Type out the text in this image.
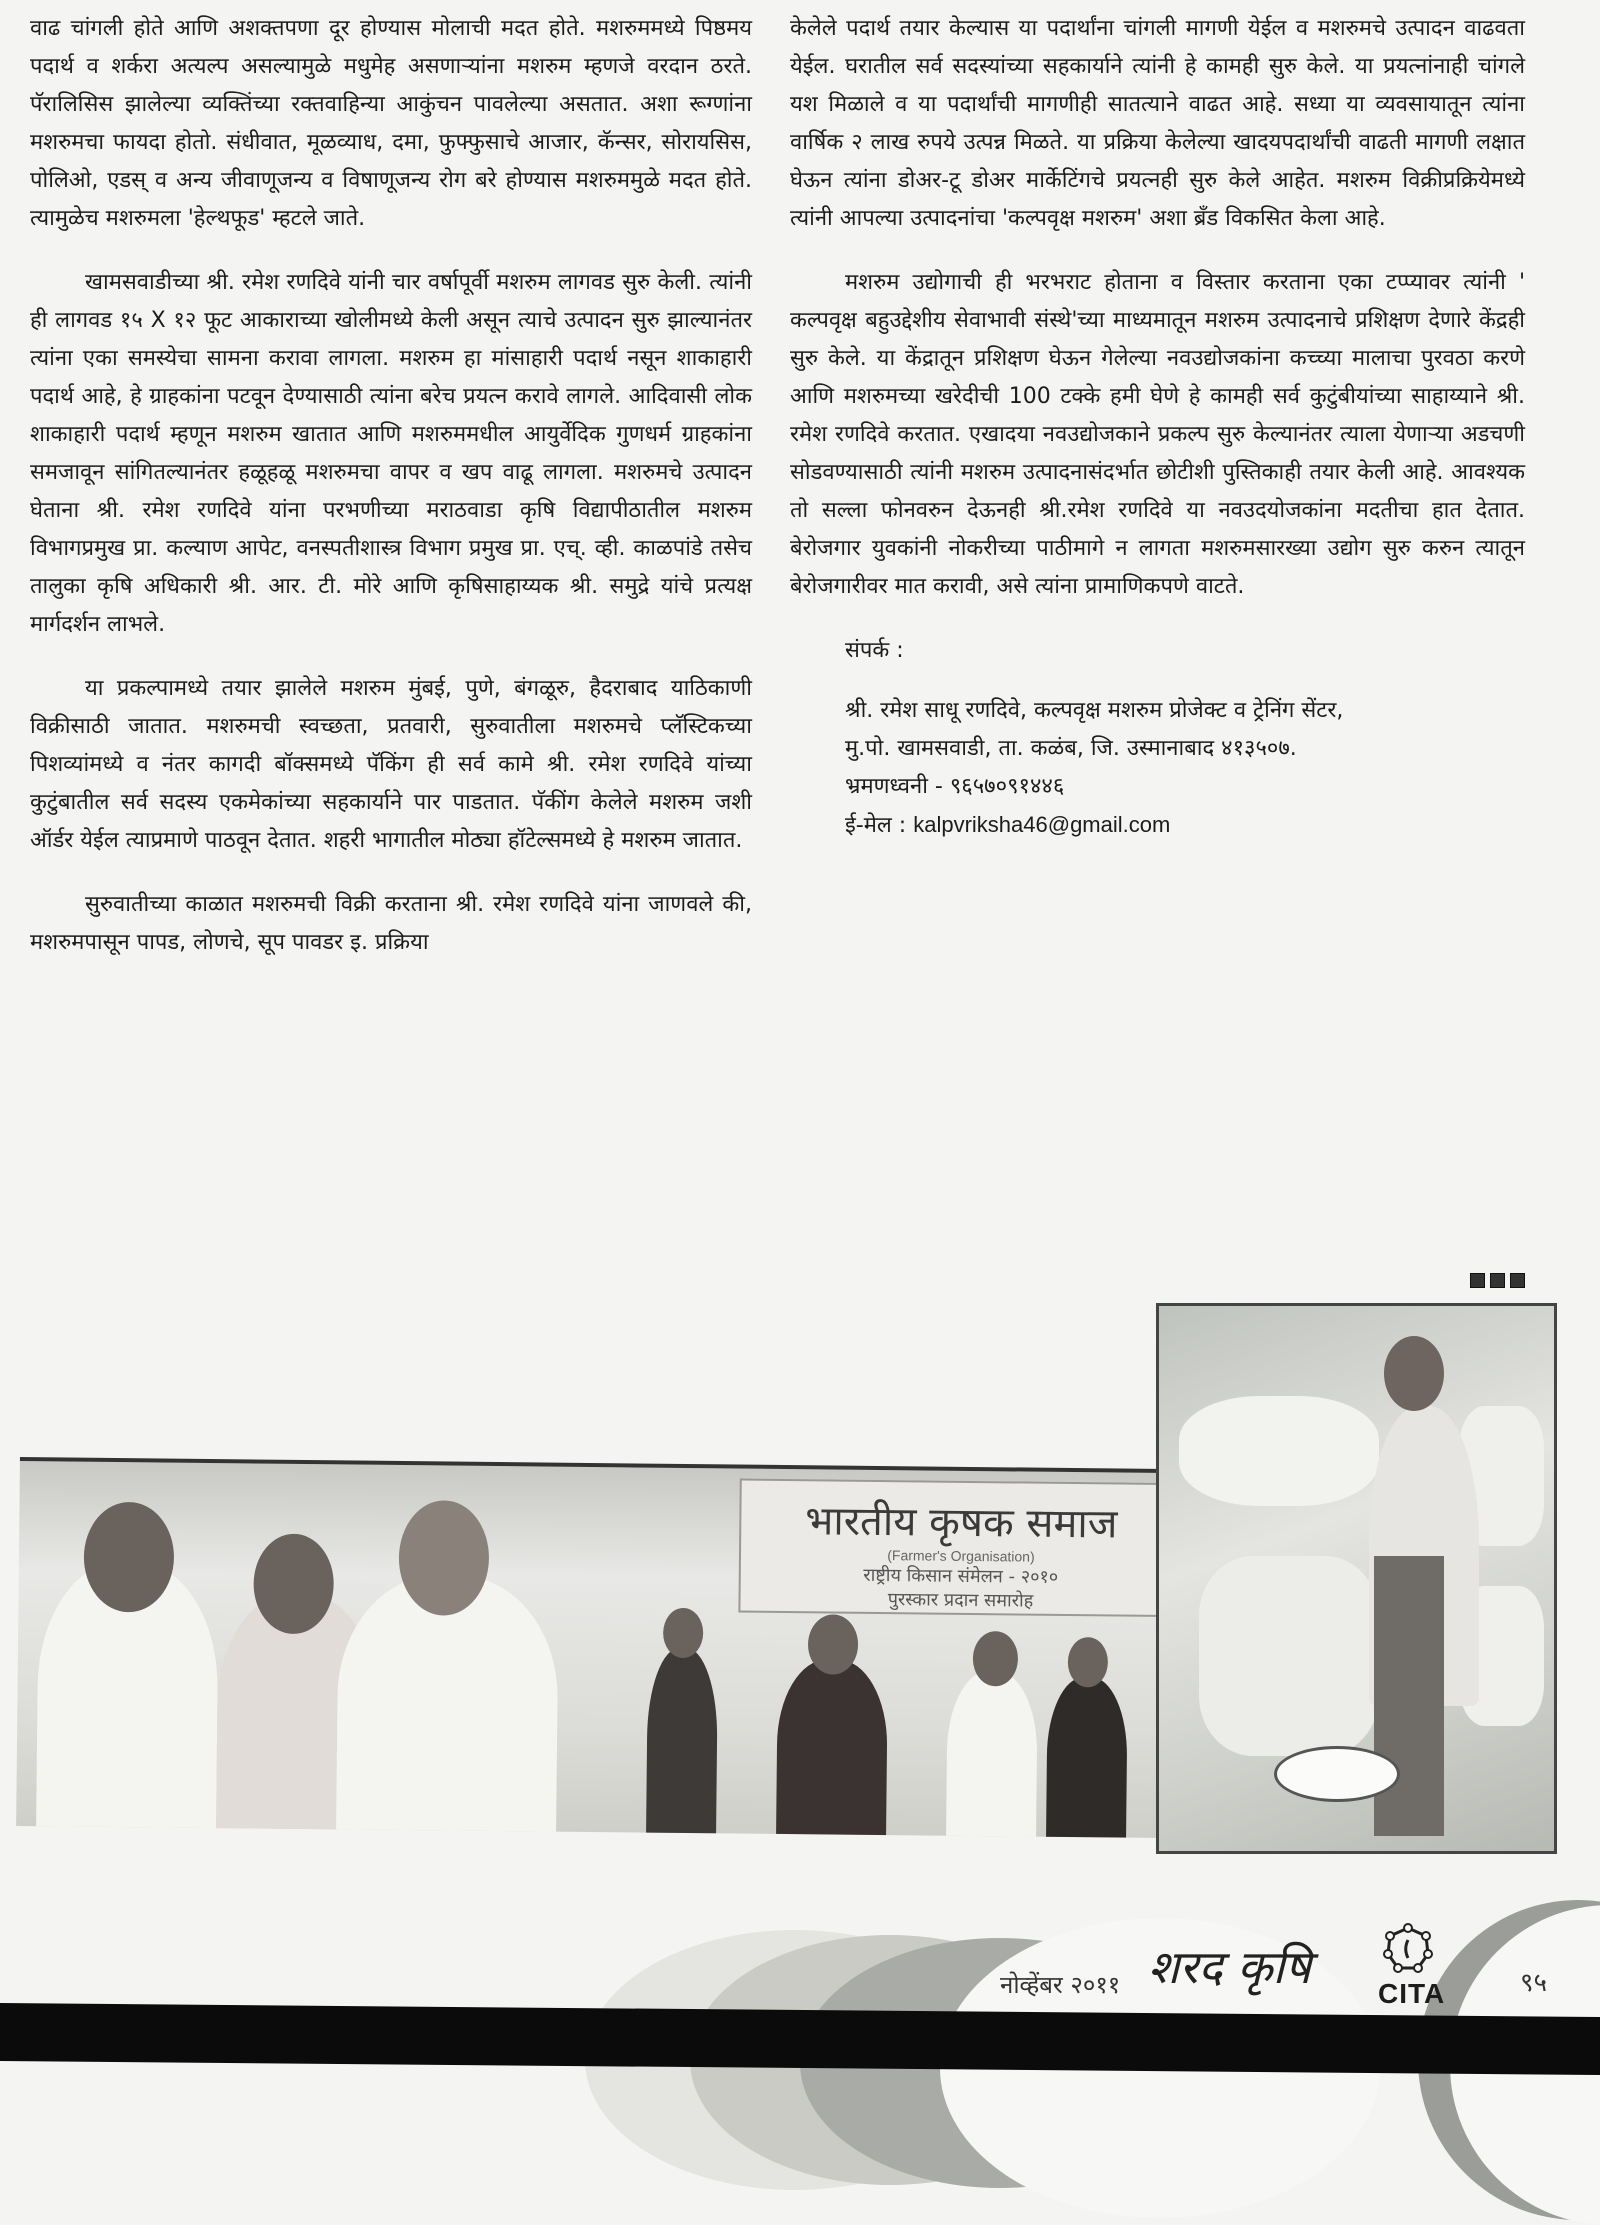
वाढ चांगली होते आणि अशक्तपणा दूर होण्यास मोलाची मदत होते. मशरुममध्ये पिष्ठमय पदार्थ व शर्करा अत्यल्प असल्यामुळे मधुमेह असणाऱ्यांना मशरुम म्हणजे वरदान ठरते. पॅरालिसिस झालेल्या व्यक्तिंच्या रक्तवाहिन्या आकुंचन पावलेल्या असतात. अशा रूग्णांना मशरुमचा फायदा होतो. संधीवात, मूळव्याध, दमा, फुफ्फुसाचे आजार, कॅन्सर, सोरायसिस, पोलिओ, एडस् व अन्य जीवाणूजन्य व विषाणूजन्य रोग बरे होण्यास मशरुममुळे मदत होते. त्यामुळेच मशरुमला 'हेल्थफूड' म्हटले जाते.

खामसवाडीच्या श्री. रमेश रणदिवे यांनी चार वर्षापूर्वी मशरुम लागवड सुरु केली. त्यांनी ही लागवड १५ X १२ फूट आकाराच्या खोलीमध्ये केली असून त्याचे उत्पादन सुरु झाल्यानंतर त्यांना एका समस्येचा सामना करावा लागला. मशरुम हा मांसाहारी पदार्थ नसून शाकाहारी पदार्थ आहे, हे ग्राहकांना पटवून देण्यासाठी त्यांना बरेच प्रयत्न करावे लागले. आदिवासी लोक शाकाहारी पदार्थ म्हणून मशरुम खातात आणि मशरुममधील आयुर्वेदिक गुणधर्म ग्राहकांना समजावून सांगितल्यानंतर हळूहळू मशरुमचा वापर व खप वाढू लागला. मशरुमचे उत्पादन घेताना श्री. रमेश रणदिवे यांना परभणीच्या मराठवाडा कृषि विद्यापीठातील मशरुम विभागप्रमुख प्रा. कल्याण आपेट, वनस्पतीशास्त्र विभाग प्रमुख प्रा. एच्. व्ही. काळपांडे तसेच तालुका कृषि अधिकारी श्री. आर. टी. मोरे आणि कृषिसाहाय्यक श्री. समुद्रे यांचे प्रत्यक्ष मार्गदर्शन लाभले.

या प्रकल्पामध्ये तयार झालेले मशरुम मुंबई, पुणे, बंगळूरु, हैदराबाद याठिकाणी विक्रीसाठी जातात. मशरुमची स्वच्छता, प्रतवारी, सुरुवातीला मशरुमचे प्लॅस्टिकच्या पिशव्यांमध्ये व नंतर कागदी बॉक्समध्ये पॅकिंग ही सर्व कामे श्री. रमेश रणदिवे यांच्या कुटुंबातील सर्व सदस्य एकमेकांच्या सहकार्याने पार पाडतात. पॅकींग केलेले मशरुम जशी ऑर्डर येईल त्याप्रमाणे पाठवून देतात. शहरी भागातील मोठ्या हॉटेल्समध्ये हे मशरुम जातात.

सुरुवातीच्या काळात मशरुमची विक्री करताना श्री. रमेश रणदिवे यांना जाणवले की, मशरुमपासून पापड, लोणचे, सूप पावडर इ. प्रक्रिया

केलेले पदार्थ तयार केल्यास या पदार्थांना चांगली मागणी येईल व मशरुमचे उत्पादन वाढवता येईल. घरातील सर्व सदस्यांच्या सहकार्याने त्यांनी हे कामही सुरु केले. या प्रयत्नांनाही चांगले यश मिळाले व या पदार्थांची मागणीही सातत्याने वाढत आहे. सध्या या व्यवसायातून त्यांना वार्षिक २ लाख रुपये उत्पन्न मिळते. या प्रक्रिया केलेल्या खादयपदार्थांची वाढती मागणी लक्षात घेऊन त्यांना डोअर-टू डोअर मार्केटिंगचे प्रयत्नही सुरु केले आहेत. मशरुम विक्रीप्रक्रियेमध्ये त्यांनी आपल्या उत्पादनांचा 'कल्पवृक्ष मशरुम' अशा ब्रँड विकसित केला आहे.

मशरुम उद्योगाची ही भरभराट होताना व विस्तार करताना एका टप्प्यावर त्यांनी ' कल्पवृक्ष बहुउद्देशीय सेवाभावी संस्थे'च्या माध्यमातून मशरुम उत्पादनाचे प्रशिक्षण देणारे केंद्रही सुरु केले. या केंद्रातून प्रशिक्षण घेऊन गेलेल्या नवउद्योजकांना कच्च्या मालाचा पुरवठा करणे आणि मशरुमच्या खरेदीची 100 टक्के हमी घेणे हे कामही सर्व कुटुंबीयांच्या साहाय्याने श्री. रमेश रणदिवे करतात. एखादया नवउद्योजकाने प्रकल्प सुरु केल्यानंतर त्याला येणाऱ्या अडचणी सोडवण्यासाठी त्यांनी मशरुम उत्पादनासंदर्भात छोटीशी पुस्तिकाही तयार केली आहे. आवश्यक तो सल्ला फोनवरुन देऊनही श्री.रमेश रणदिवे या नवउदयोजकांना मदतीचा हात देतात. बेरोजगार युवकांनी नोकरीच्या पाठीमागे न लागता मशरुमसारख्या उद्योग सुरु करुन त्यातून बेरोजगारीवर मात करावी, असे त्यांना प्रामाणिकपणे वाटते.

संपर्क :

श्री. रमेश साधू रणदिवे, कल्पवृक्ष मशरुम प्रोजेक्ट व ट्रेनिंग सेंटर,

मु.पो. खामसवाडी, ता. कळंब, जि. उस्मानाबाद ४१३५०७.

भ्रमणध्वनी - ९६५७०९१४४६

ई-मेल : kalpvriksha46@gmail.com

भारतीय कृषक समाज
(Farmer's Organisation)
राष्ट्रीय किसान संमेलन - २०१०
पुरस्कार प्रदान समारोह
नोव्हेंबर २०११ शरद कृषि CITA	९५
